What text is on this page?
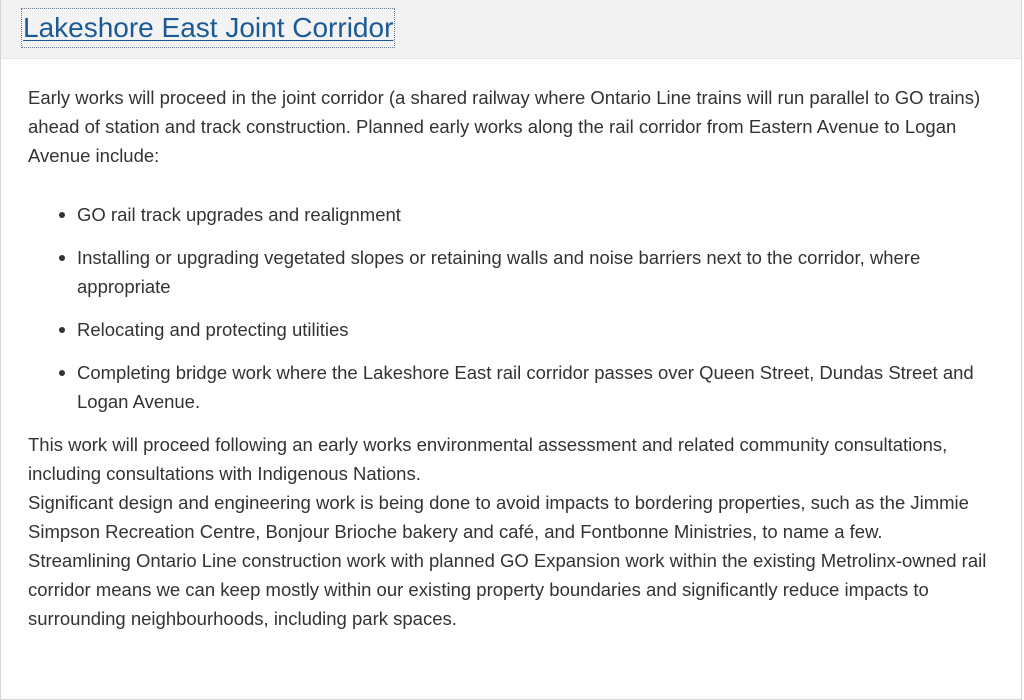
Lakeshore East Joint Corridor

Early works will proceed in the joint corridor (a shared railway where Ontario Line trains will run parallel to GO trains) ahead of station and track construction. Planned early works along the rail corridor from Eastern Avenue to Logan Avenue include:

GO rail track upgrades and realignment
Installing or upgrading vegetated slopes or retaining walls and noise barriers next to the corridor, where appropriate
Relocating and protecting utilities
Completing bridge work where the Lakeshore East rail corridor passes over Queen Street, Dundas Street and Logan Avenue.

This work will proceed following an early works environmental assessment and related community consultations, including consultations with Indigenous Nations.

Significant design and engineering work is being done to avoid impacts to bordering properties, such as the Jimmie Simpson Recreation Centre, Bonjour Brioche bakery and café, and Fontbonne Ministries, to name a few. Streamlining Ontario Line construction work with planned GO Expansion work within the existing Metrolinx-owned rail corridor means we can keep mostly within our existing property boundaries and significantly reduce impacts to surrounding neighbourhoods, including park spaces.
